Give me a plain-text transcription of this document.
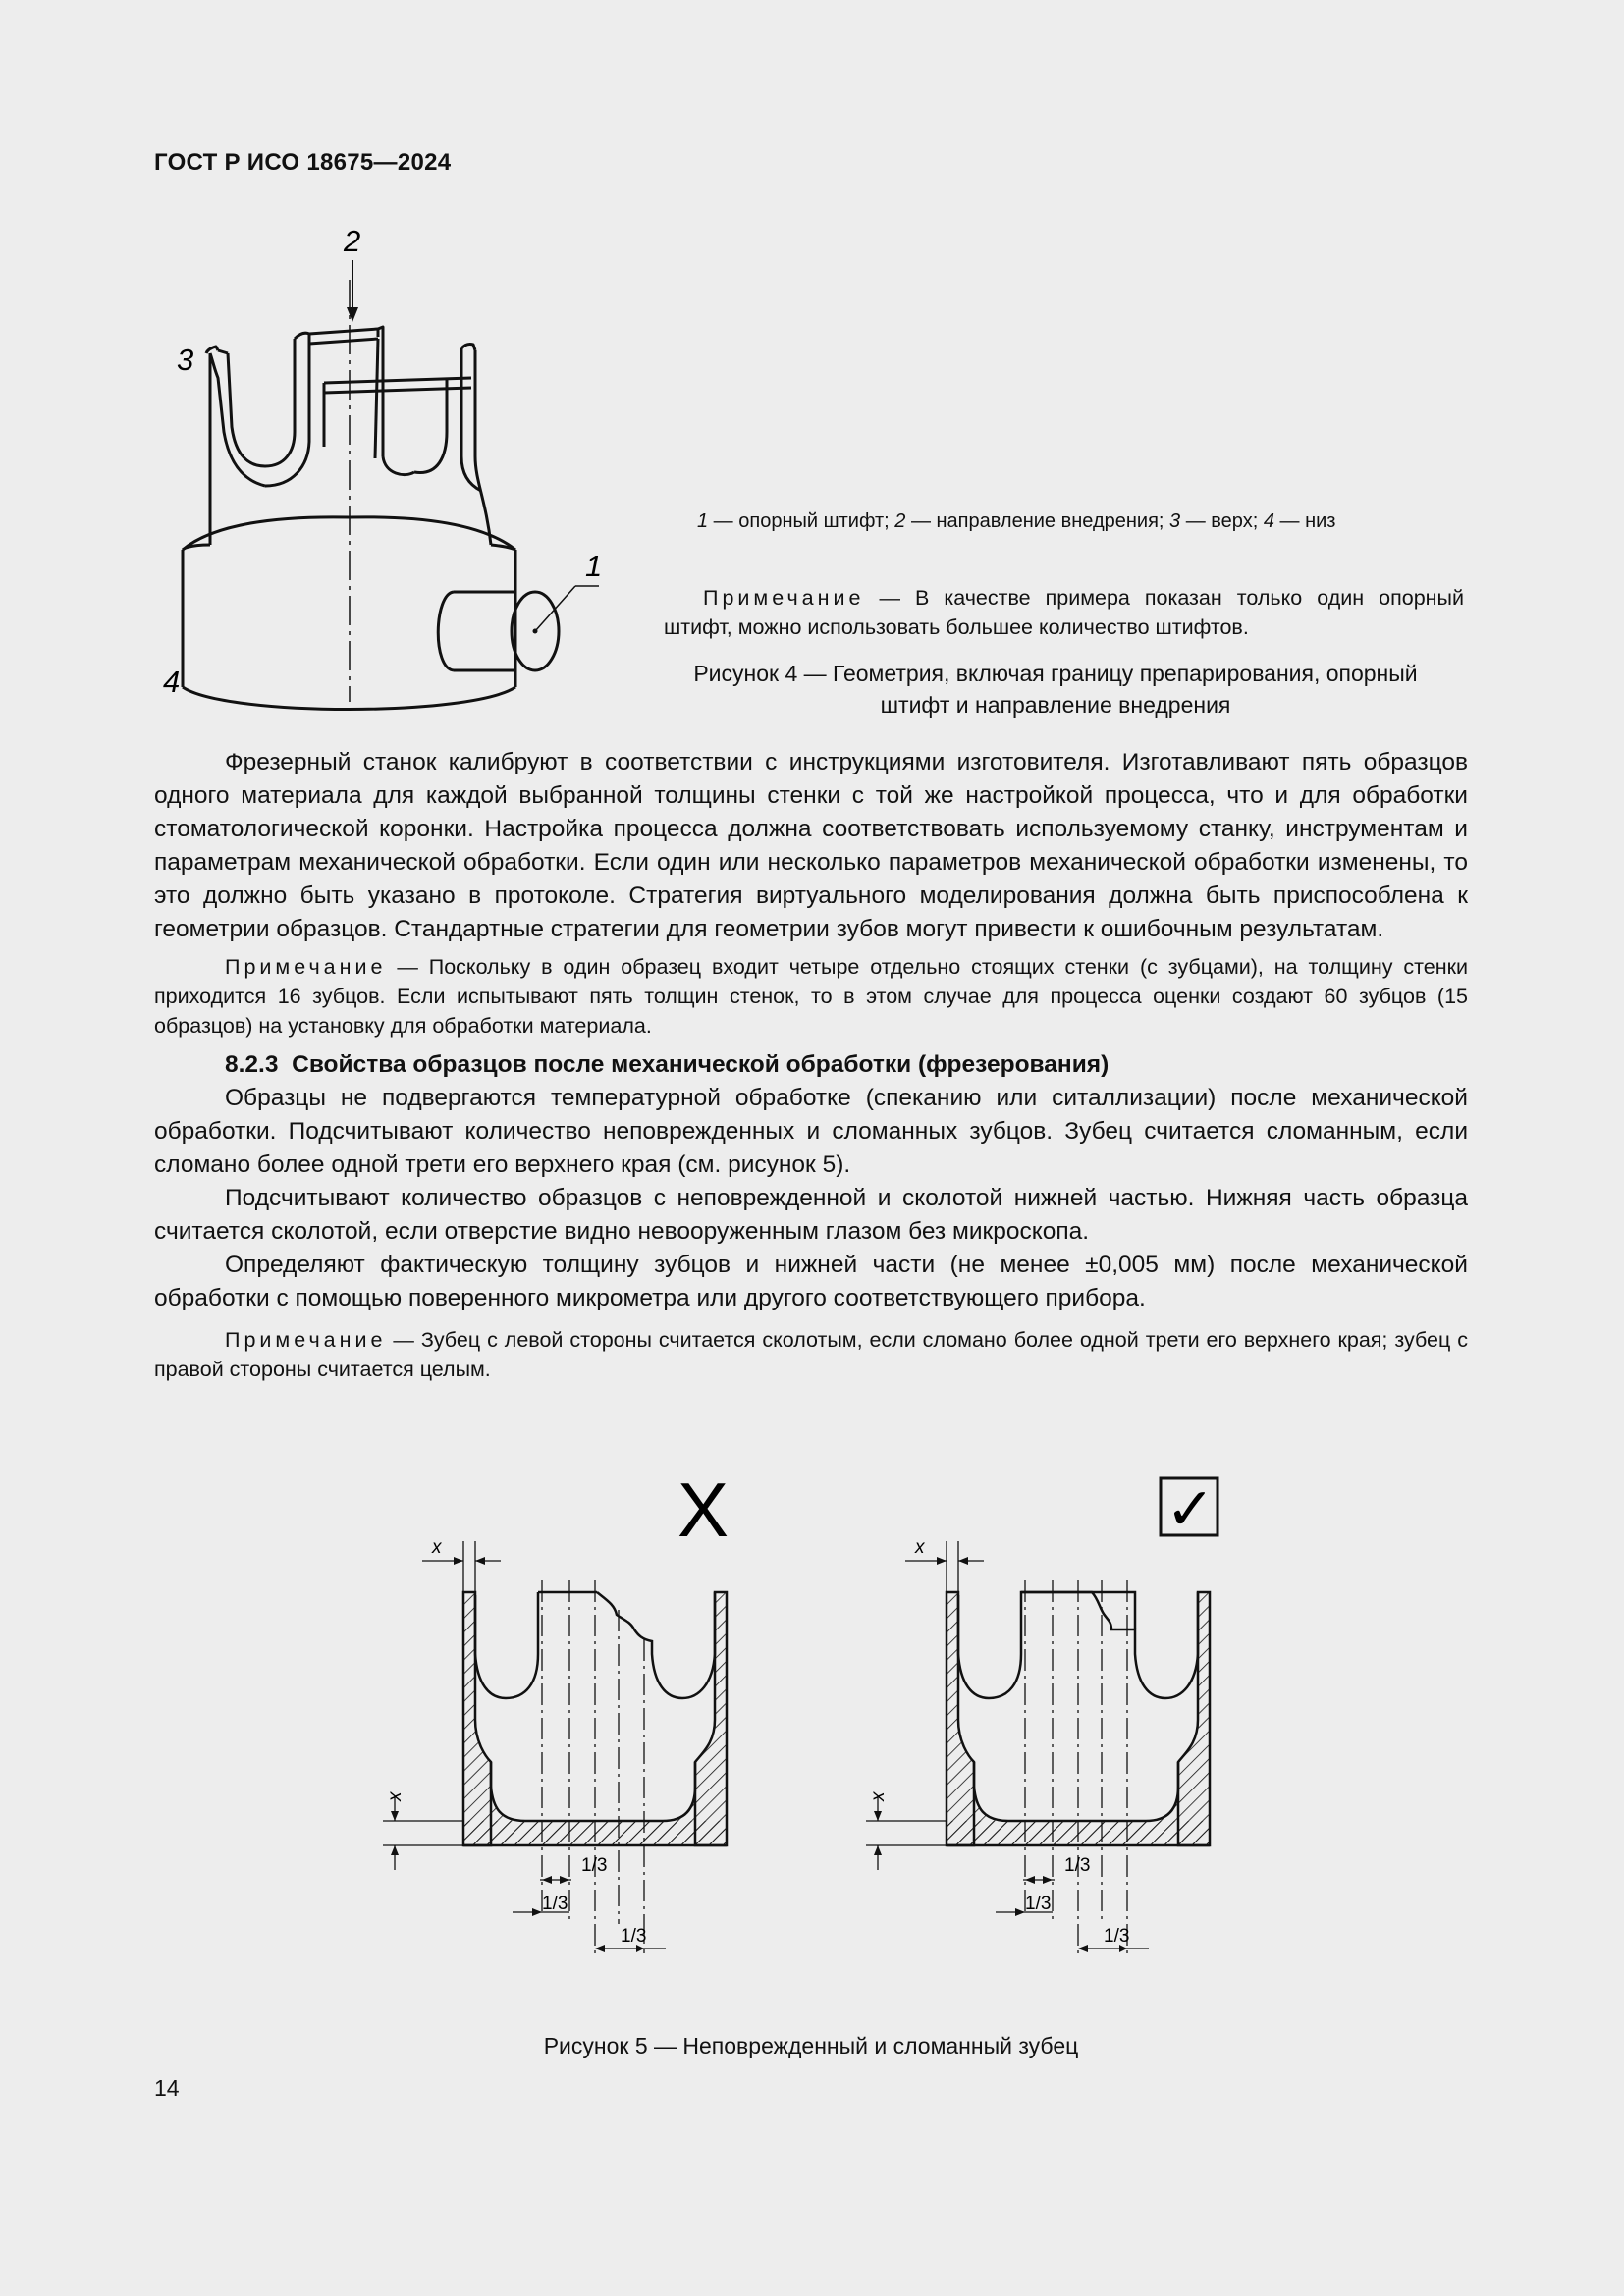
ГОСТ Р ИСО 18675—2024
2
3
1
4
1 — опорный штифт; 2 — направление внедрения; 3 — верх; 4 — низ

Примечание — В качестве примера показан только один опорный штифт, можно использовать большее количество штифтов.

Рисунок 4 — Геометрия, включая границу препарирования, опорный штифт и направление внедрения

Фрезерный станок калибруют в соответствии с инструкциями изготовителя. Изготавливают пять образцов одного материала для каждой выбранной толщины стенки с той же настройкой процесса, что и для обработки стоматологической коронки. Настройка процесса должна соответствовать используемому станку, инструментам и параметрам механической обработки. Если один или несколько параметров механической обработки изменены, то это должно быть указано в протоколе. Стратегия виртуального моделирования должна быть приспособлена к геометрии образцов. Стандартные стратегии для геометрии зубов могут привести к ошибочным результатам.

Примечание — Поскольку в один образец входит четыре отдельно стоящих стенки (с зубцами), на толщину стенки приходится 16 зубцов. Если испытывают пять толщин стенок, то в этом случае для процесса оценки создают 60 зубцов (15 образцов) на установку для обработки материала.

8.2.3 Свойства образцов после механической обработки (фрезерования)

Образцы не подвергаются температурной обработке (спеканию или ситаллизации) после механической обработки. Подсчитывают количество неповрежденных и сломанных зубцов. Зубец считается сломанным, если сломано более одной трети его верхнего края (см. рисунок 5).

Подсчитывают количество образцов с неповрежденной и сколотой нижней частью. Нижняя часть образца считается сколотой, если отверстие видно невооруженным глазом без микроскопа.

Определяют фактическую толщину зубцов и нижней части (не менее ±0,005 мм) после механической обработки с помощью поверенного микрометра или другого соответствующего прибора.

Примечание — Зубец с левой стороны считается сколотым, если сломано более одной трети его верхнего края; зубец с правой стороны считается целым.

X
x
x
1/3
1/3
1/3
✓
x
x
1/3
1/3
1/3
Рисунок 5 — Неповрежденный и сломанный зубец
14
